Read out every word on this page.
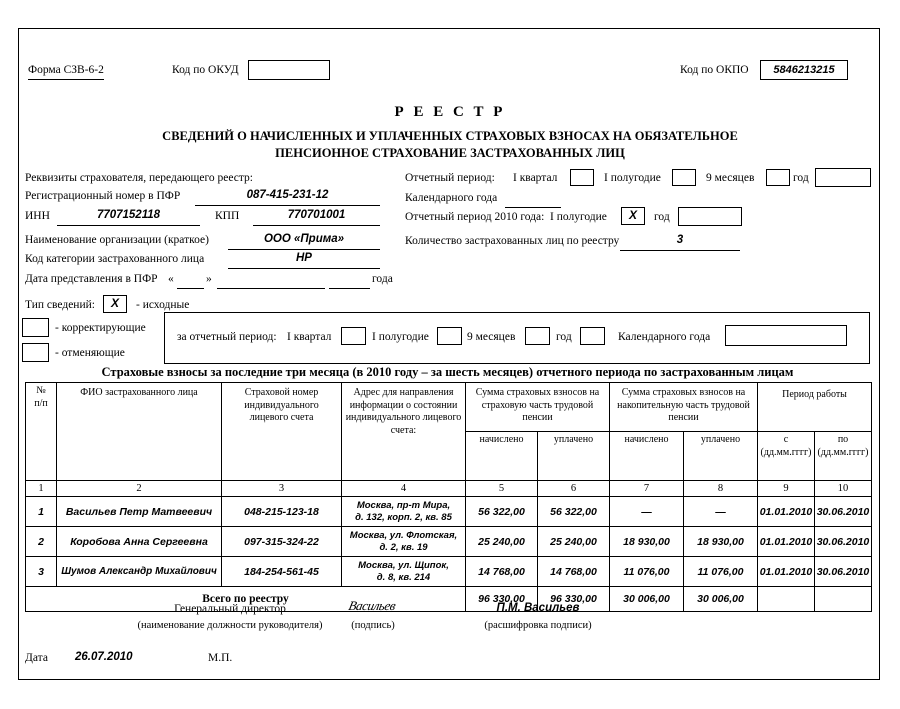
Форма СЗВ-6-2	Код по ОКУД	Код по ОКПО	5846213215
Р Е Е С Т Р
СВЕДЕНИЙ О НАЧИСЛЕННЫХ И УПЛАЧЕННЫХ СТРАХОВЫХ ВЗНОСАХ НА ОБЯЗАТЕЛЬНОЕ
ПЕНСИОННОЕ СТРАХОВАНИЕ ЗАСТРАХОВАННЫХ ЛИЦ
Реквизиты страхователя, передающего реестр:
Регистрационный номер в ПФР	087-415-231-12
ИНН	7707152118	КПП	770701001
Наименование организации (краткое)	ООО «Прима»
Код категории застрахованного лица	НР
Дата представления в ПФР «	»	года
Отчетный период: I квартал	I полугодие	9 месяцев	год
Календарного года
Отчетный период 2010 года: I полугодие	X	год
Количество застрахованных лиц по реестру	3
Тип сведений:	X	- исходные
- корректирующие
- отменяющие
за отчетный период: I квартал	I полугодие	9 месяцев	год	Календарного года
Страховые взносы за последние три месяца (в 2010 году – за шесть месяцев) отчетного периода по застрахованным лицам
№
п/п	ФИО застрахованного лица	Страховой номер индивидуального лицевого счета	Адрес для направления информации о состоянии индивидуального лицевого счета:	Сумма страховых взносов на страховую часть трудовой пенсии		Сумма страховых взносов на накопительную часть трудовой пенсии		Период работы	
				начислено	уплачено	начислено	уплачено	с (дд.мм.гггг)	по (дд.мм.гггг)
1	2	3	4	5	6	7	8	9	10
1	Васильев Петр Матвеевич	048-215-123-18	Москва, пр-т Мира,
д. 132, корп. 2, кв. 85	56 322,00	56 322,00	—	—	01.01.2010	30.06.2010
2	Коробова Анна Сергеевна	097-315-324-22	Москва, ул. Флотская,
д. 2, кв. 19	25 240,00	25 240,00	18 930,00	18 930,00	01.01.2010	30.06.2010
3	Шумов Александр Михайлович	184-254-561-45	Москва, ул. Щипок,
д. 8, кв. 214	14 768,00	14 768,00	11 076,00	11 076,00	01.01.2010	30.06.2010
Всего по реестру				96 330,00	96 330,00	30 006,00	30 006,00		
Генеральный директор
(наименование должности руководителя)
Васильев
(подпись)
П.М. Васильев
(расшифровка подписи)
Дата 26.07.2010	М.П.
